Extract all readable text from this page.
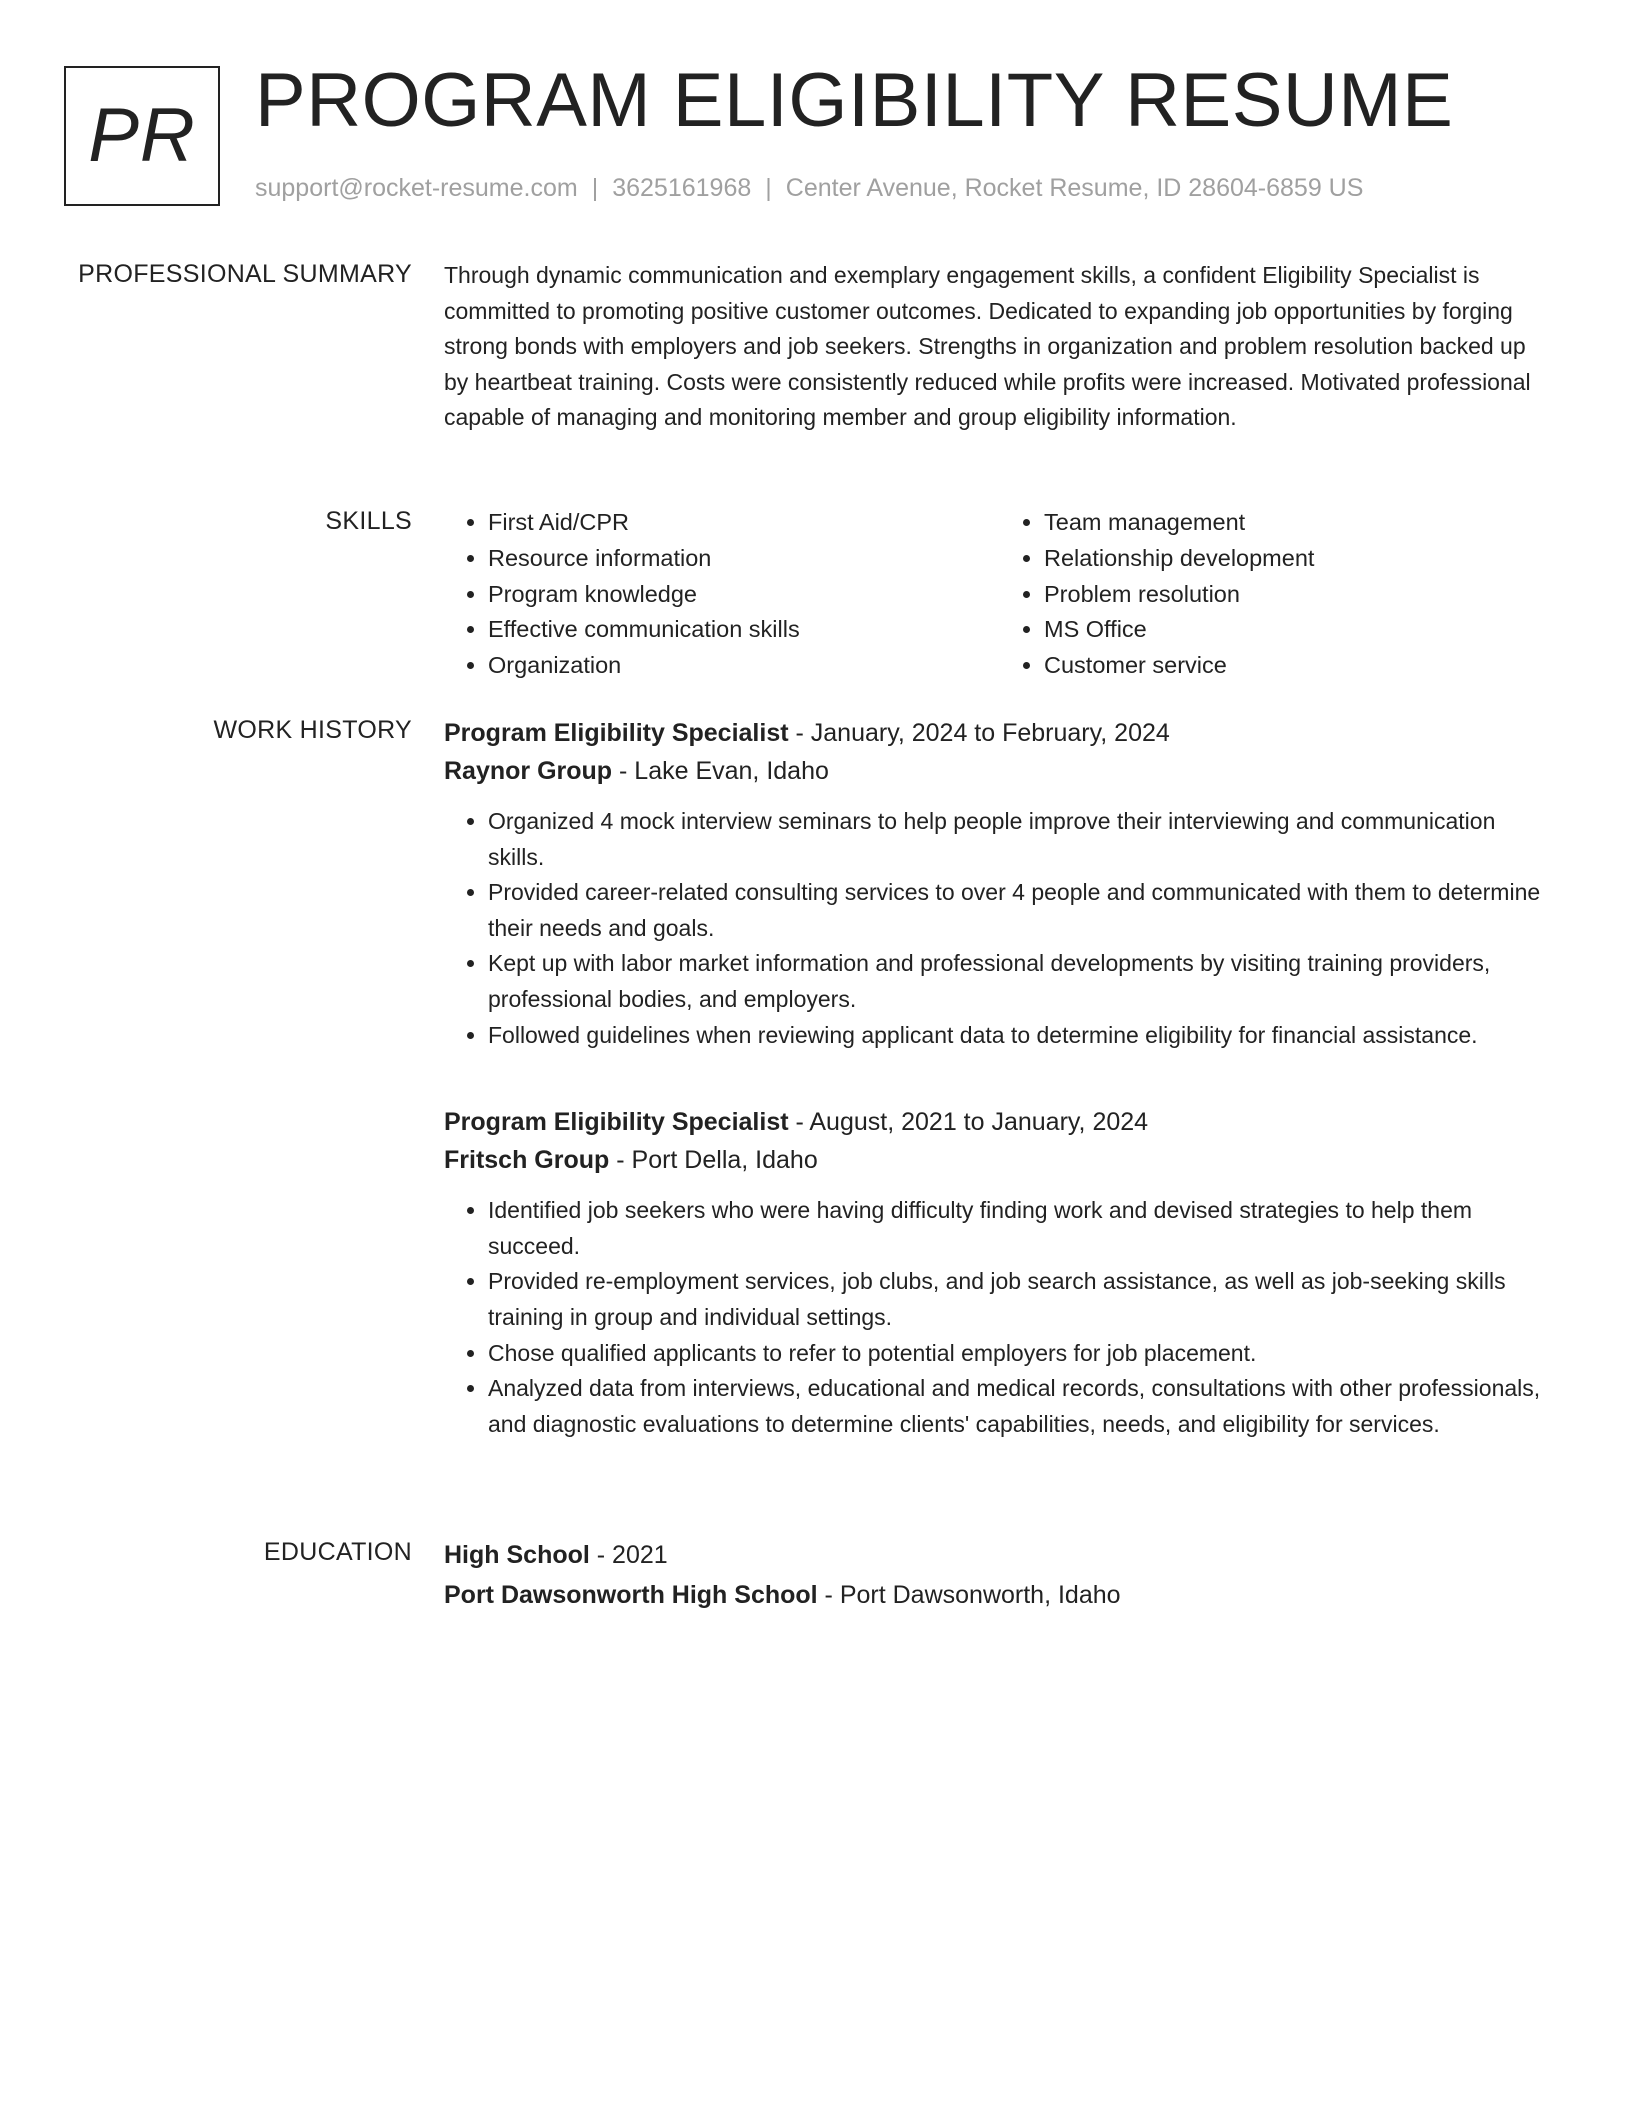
PR PROGRAM ELIGIBILITY RESUME
support@rocket-resume.com | 3625161968 | Center Avenue, Rocket Resume, ID 28604-6859 US
PROFESSIONAL SUMMARY Through dynamic communication and exemplary engagement skills, a confident Eligibility Specialist is committed to promoting positive customer outcomes. Dedicated to expanding job opportunities by forging strong bonds with employers and job seekers. Strengths in organization and problem resolution backed up by heartbeat training. Costs were consistently reduced while profits were increased. Motivated professional capable of managing and monitoring member and group eligibility information.

SKILLS
•	First Aid/CPR
• Resource information
• Program knowledge
• Effective communication skills
• Organization
• Team management
• Relationship development
• Problem resolution
• MS Office
• Customer service
WORK HISTORY Program Eligibility Specialist - January, 2024 to February, 2024
Raynor Group - Lake Evan, Idaho
• Organized 4 mock interview seminars to help people improve their interviewing and communication skills.
• Provided career-related consulting services to over 4 people and communicated with them to determine their needs and goals.
• Kept up with labor market information and professional developments by visiting training providers, professional bodies, and employers.
• Followed guidelines when reviewing applicant data to determine eligibility for financial assistance.
Program Eligibility Specialist - August, 2021 to January, 2024
Fritsch Group - Port Della, Idaho
• Identified job seekers who were having difficulty finding work and devised strategies to help them succeed.
• Provided re-employment services, job clubs, and job search assistance, as well as job-seeking skills training in group and individual settings.
• Chose qualified applicants to refer to potential employers for job placement.
• Analyzed data from interviews, educational and medical records, consultations with other professionals, and diagnostic evaluations to determine clients' capabilities, needs, and eligibility for services.
EDUCATION High School - 2021
Port Dawsonworth High School - Port Dawsonworth, Idaho
